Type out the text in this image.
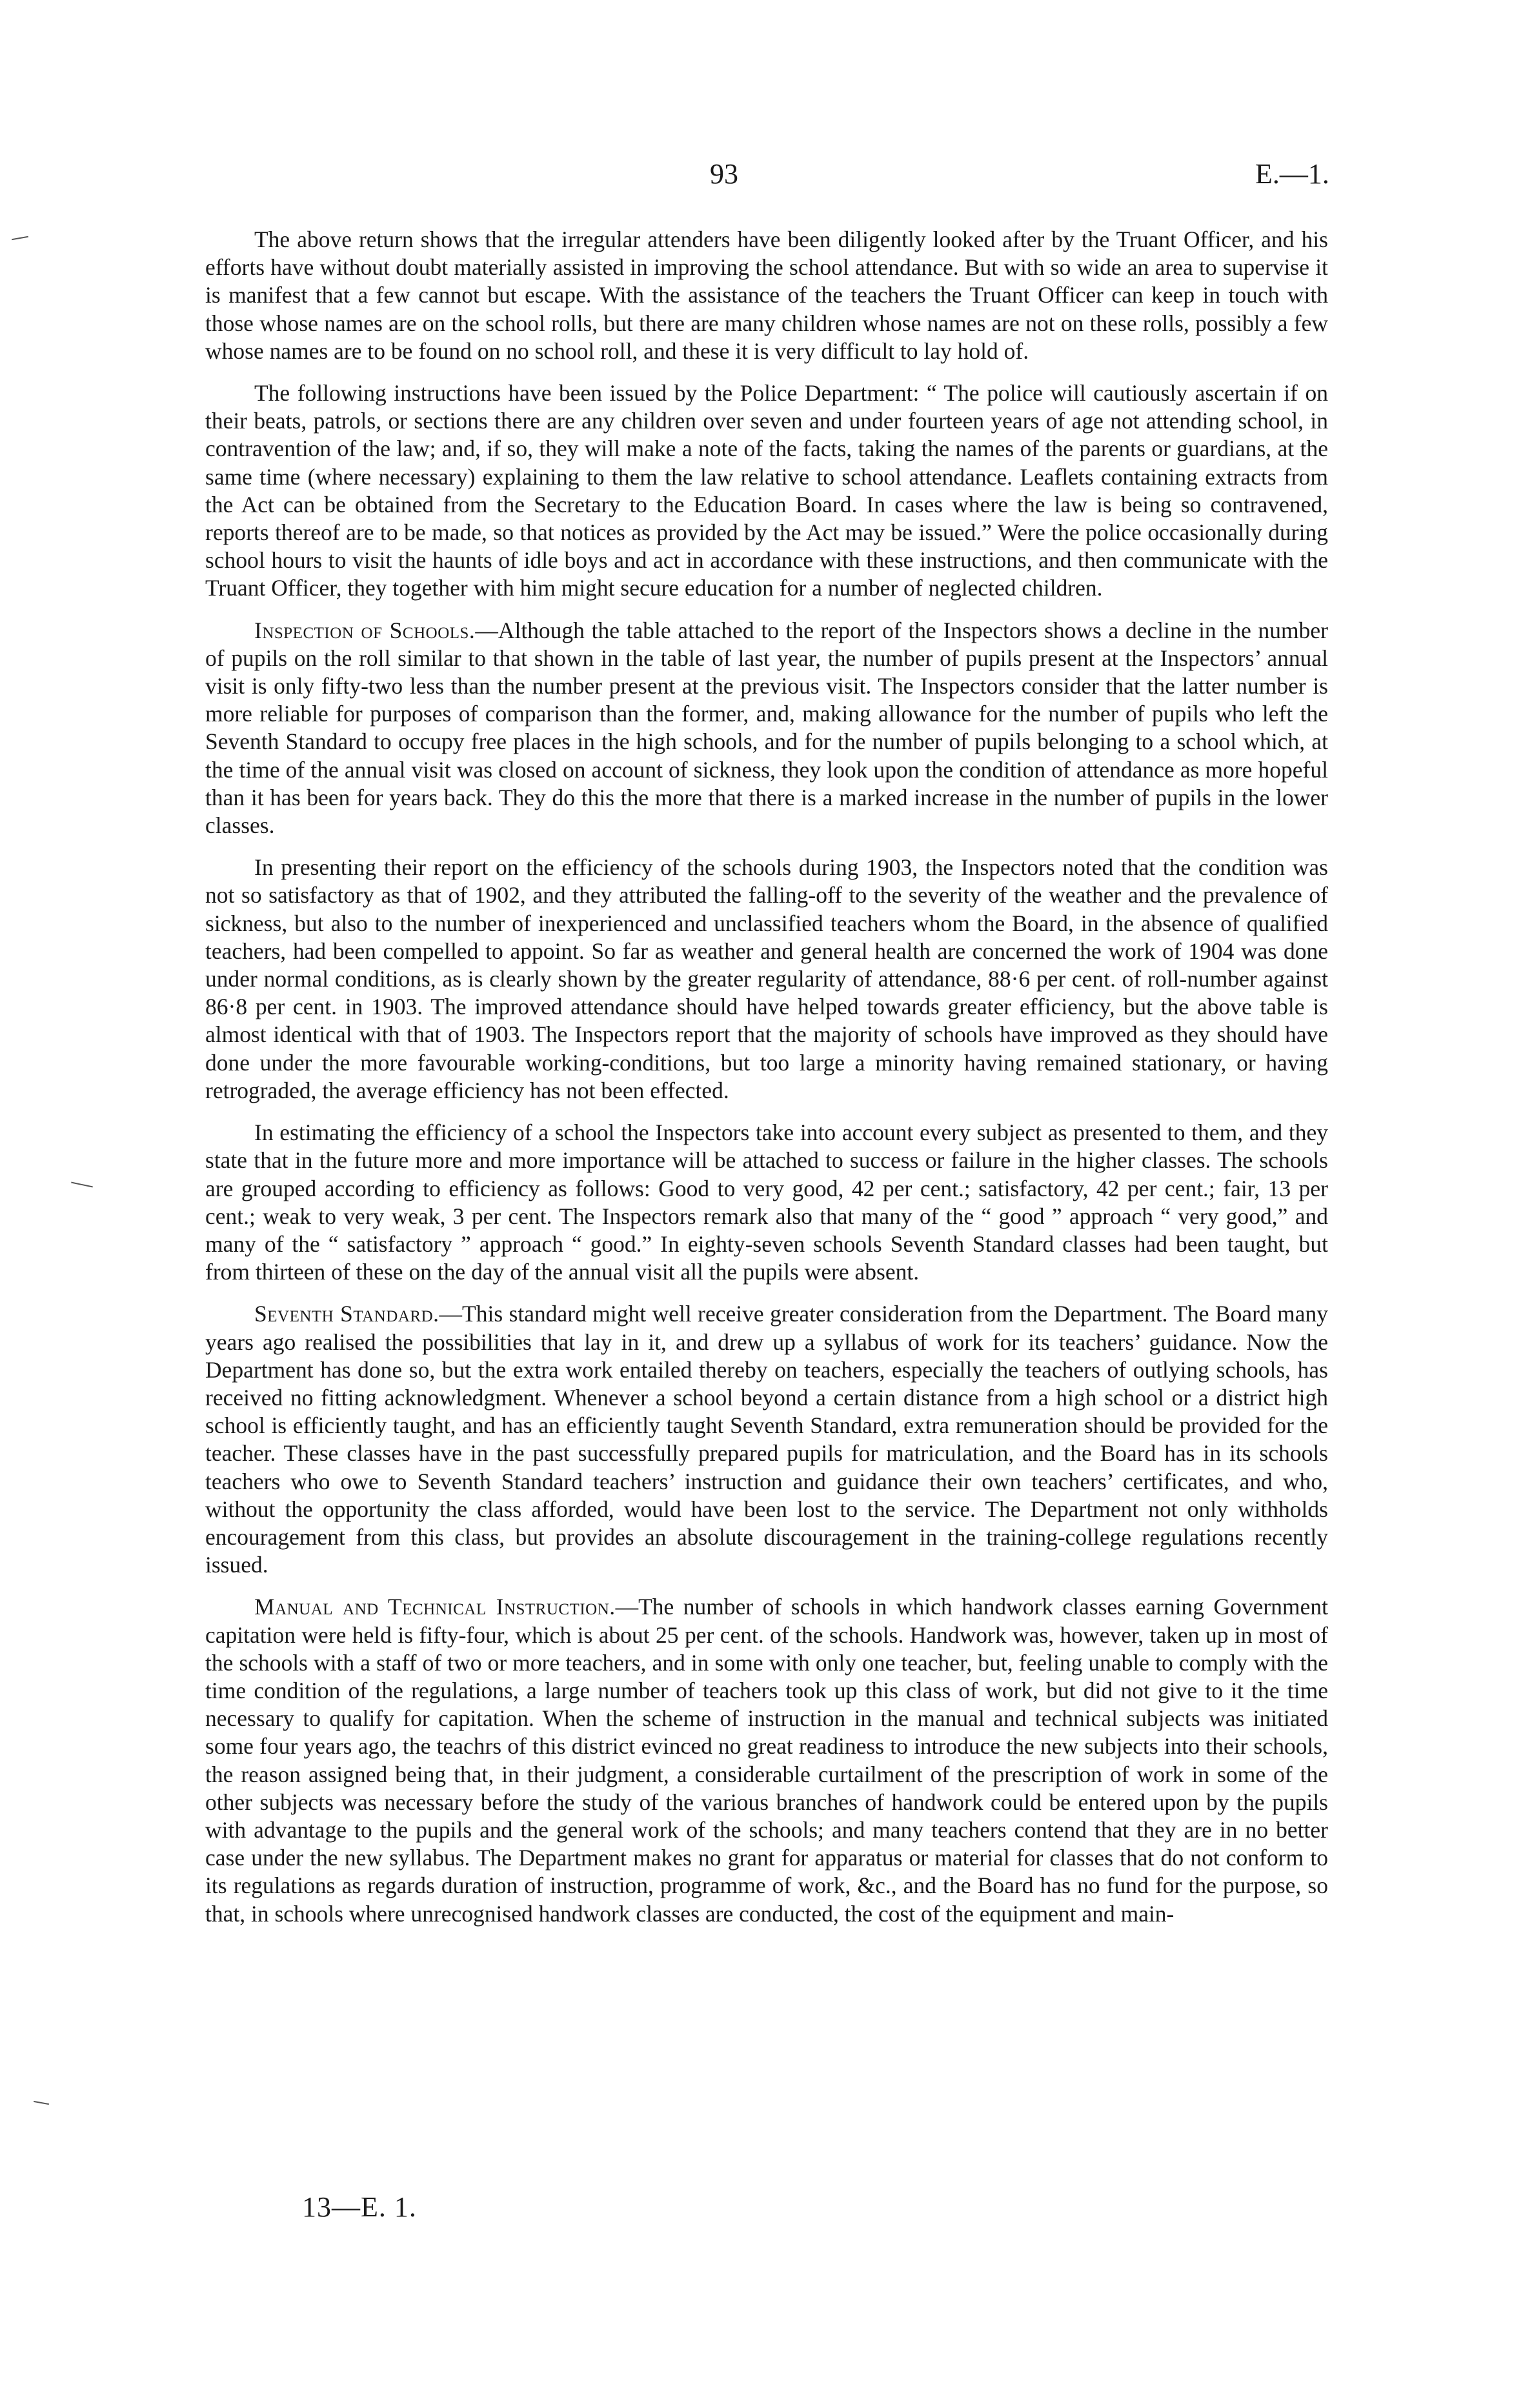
93	E.—1.

The above return shows that the irregular attenders have been diligently looked after by the Truant Officer, and his efforts have without doubt materially assisted in improving the school attendance. But with so wide an area to supervise it is manifest that a few cannot but escape. With the assistance of the teachers the Truant Officer can keep in touch with those whose names are on the school rolls, but there are many children whose names are not on these rolls, possibly a few whose names are to be found on no school roll, and these it is very difficult to lay hold of.

The following instructions have been issued by the Police Department: “ The police will cautiously ascertain if on their beats, patrols, or sections there are any children over seven and under fourteen years of age not attending school, in contravention of the law; and, if so, they will make a note of the facts, taking the names of the parents or guardians, at the same time (where necessary) explaining to them the law relative to school attendance. Leaflets containing extracts from the Act can be obtained from the Secretary to the Education Board. In cases where the law is being so contravened, reports thereof are to be made, so that notices as provided by the Act may be issued.” Were the police occasionally during school hours to visit the haunts of idle boys and act in accordance with these instructions, and then communicate with the Truant Officer, they together with him might secure education for a number of neglected children.

Inspection of Schools.—Although the table attached to the report of the Inspectors shows a decline in the number of pupils on the roll similar to that shown in the table of last year, the number of pupils present at the Inspectors’ annual visit is only fifty-two less than the number present at the previous visit. The Inspectors consider that the latter number is more reliable for purposes of comparison than the former, and, making allowance for the number of pupils who left the Seventh Standard to occupy free places in the high schools, and for the number of pupils belonging to a school which, at the time of the annual visit was closed on account of sickness, they look upon the condition of attendance as more hopeful than it has been for years back. They do this the more that there is a marked increase in the number of pupils in the lower classes.

In presenting their report on the efficiency of the schools during 1903, the Inspectors noted that the condition was not so satisfactory as that of 1902, and they attributed the falling-off to the severity of the weather and the prevalence of sickness, but also to the number of inexperienced and unclassified teachers whom the Board, in the absence of qualified teachers, had been compelled to appoint. So far as weather and general health are concerned the work of 1904 was done under normal conditions, as is clearly shown by the greater regularity of attendance, 88·6 per cent. of roll-number against 86·8 per cent. in 1903. The improved attendance should have helped towards greater efficiency, but the above table is almost identical with that of 1903. The Inspectors report that the majority of schools have improved as they should have done under the more favourable working-conditions, but too large a minority having remained stationary, or having retrograded, the average efficiency has not been effected.

In estimating the efficiency of a school the Inspectors take into account every subject as presented to them, and they state that in the future more and more importance will be attached to success or failure in the higher classes. The schools are grouped according to efficiency as follows: Good to very good, 42 per cent.; satisfactory, 42 per cent.; fair, 13 per cent.; weak to very weak, 3 per cent. The Inspectors remark also that many of the “ good ” approach “ very good,” and many of the “ satisfactory ” approach “ good.” In eighty-seven schools Seventh Standard classes had been taught, but from thirteen of these on the day of the annual visit all the pupils were absent.

Seventh Standard.—This standard might well receive greater consideration from the Department. The Board many years ago realised the possibilities that lay in it, and drew up a syllabus of work for its teachers’ guidance. Now the Department has done so, but the extra work entailed thereby on teachers, especially the teachers of outlying schools, has received no fitting acknowledgment. Whenever a school beyond a certain distance from a high school or a district high school is efficiently taught, and has an efficiently taught Seventh Standard, extra remuneration should be provided for the teacher. These classes have in the past successfully prepared pupils for matriculation, and the Board has in its schools teachers who owe to Seventh Standard teachers’ instruction and guidance their own teachers’ certificates, and who, without the opportunity the class afforded, would have been lost to the service. The Department not only withholds encouragement from this class, but provides an absolute discouragement in the training-college regulations recently issued.

Manual and Technical Instruction.—The number of schools in which handwork classes earning Government capitation were held is fifty-four, which is about 25 per cent. of the schools. Handwork was, however, taken up in most of the schools with a staff of two or more teachers, and in some with only one teacher, but, feeling unable to comply with the time condition of the regulations, a large number of teachers took up this class of work, but did not give to it the time necessary to qualify for capitation. When the scheme of instruction in the manual and technical subjects was initiated some four years ago, the teachrs of this district evinced no great readiness to introduce the new subjects into their schools, the reason assigned being that, in their judgment, a considerable curtailment of the prescription of work in some of the other subjects was necessary before the study of the various branches of handwork could be entered upon by the pupils with advantage to the pupils and the general work of the schools; and many teachers contend that they are in no better case under the new syllabus. The Department makes no grant for apparatus or material for classes that do not conform to its regulations as regards duration of instruction, programme of work, &c., and the Board has no fund for the purpose, so that, in schools where unrecognised handwork classes are conducted, the cost of the equipment and main-

13—E. 1.
